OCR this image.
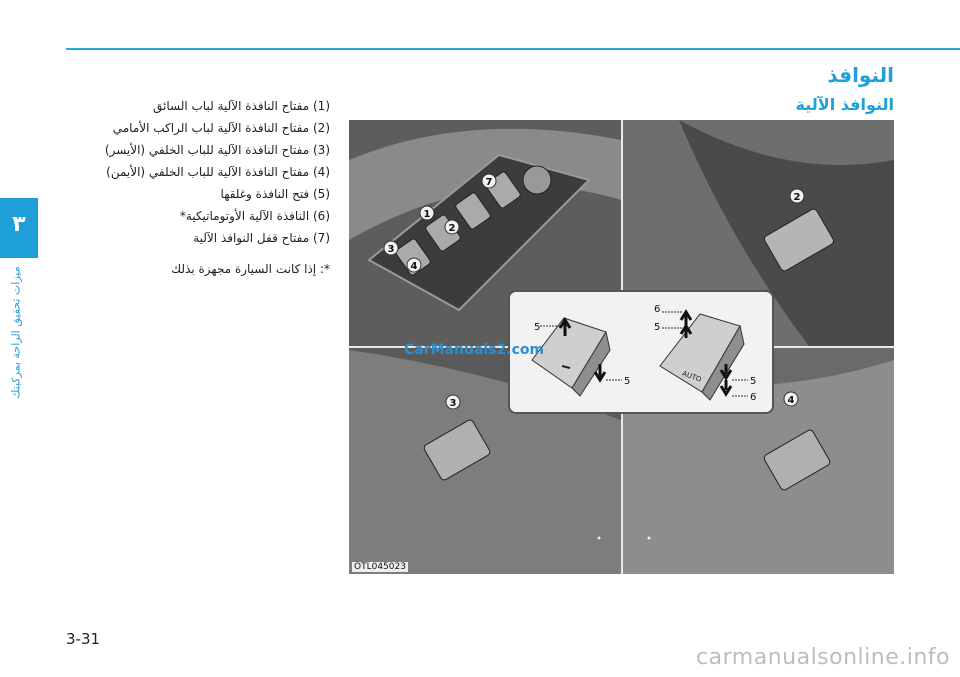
٣
ميزات تحقيق الراحة بمركبتك
النوافذ
النوافذ الآلية
(1) مفتاح النافذة الآلية لباب السائق
(2) مفتاح النافذة الآلية لباب الراكب الأمامي
(3) مفتاح النافذة الآلية للباب الخلفي (الأيسر)
(4) مفتاح النافذة الآلية للباب الخلفي (الأيمن)
(5) فتح النافذة وغلقها
(6) النافذة الآلية الأوتوماتيكية*
(7) مفتاح قفل النوافذ الآلية
*: إذا كانت السيارة مجهزة بذلك
1
2
2
3
3
4
4
7
5
5	AUTO
6
5
5
6
CarManuals2.com
OTL045023
3-31
carmanualsonline.info
